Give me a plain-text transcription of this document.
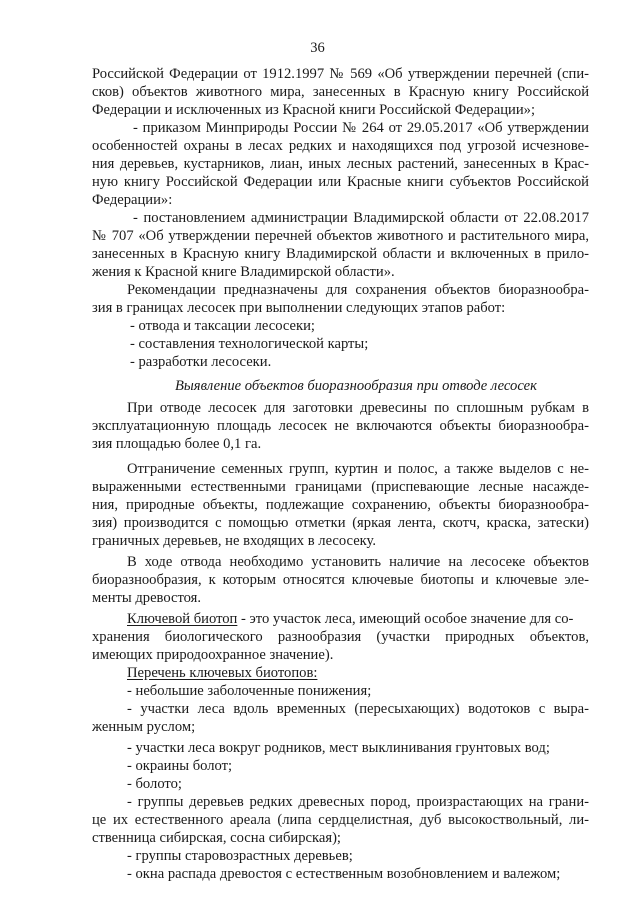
36
Российской Федерации от 1912.1997 № 569 «Об утверждении перечней (спи-
сков) объектов животного мира, занесенных в Красную книгу Российской
Федерации и исключенных из Красной книги Российской Федерации»;
- приказом Минприроды России № 264 от 29.05.2017 «Об утверждении
особенностей охраны в лесах редких и находящихся под угрозой исчезнове-
ния деревьев, кустарников, лиан, иных лесных растений, занесенных в Крас-
ную книгу Российской Федерации или Красные книги субъектов Российской
Федерации»:
- постановлением администрации Владимирской области от 22.08.2017
№ 707 «Об утверждении перечней объектов животного и растительного мира,
занесенных в Красную книгу Владимирской области и включенных в прило-
жения к Красной книге Владимирской области».
Рекомендации предназначены для сохранения объектов биоразнообра-
зия в границах лесосек при выполнении следующих этапов работ:
- отвода и таксации лесосеки;
- составления технологической карты;
- разработки лесосеки.
Выявление объектов биоразнообразия при отводе лесосек
При отводе лесосек для заготовки древесины по сплошным рубкам в
эксплуатационную площадь лесосек не включаются объекты биоразнообра-
зия площадью более 0,1 га.
Отграничение семенных групп, куртин и полос, а также выделов с не-
выраженными естественными границами (приспевающие лесные насажде-
ния, природные объекты, подлежащие сохранению, объекты биоразнообра-
зия) производится с помощью отметки (яркая лента, скотч, краска, затески)
граничных деревьев, не входящих в лесосеку.
В ходе отвода необходимо установить наличие на лесосеке объектов
биоразнообразия, к которым относятся ключевые биотопы и ключевые эле-
менты древостоя.
Ключевой биотоп - это участок леса, имеющий особое значение для со-
хранения биологического разнообразия (участки природных объектов,
имеющих природоохранное значение).
Перечень ключевых биотопов:
- небольшие заболоченные понижения;
- участки леса вдоль временных (пересыхающих) водотоков с выра-
женным руслом;
- участки леса вокруг родников, мест выклинивания грунтовых вод;
- окраины болот;
- болото;
- группы деревьев редких древесных пород, произрастающих на грани-
це их естественного ареала (липа сердцелистная, дуб высокоствольный, ли-
ственница сибирская, сосна сибирская);
- группы старовозрастных деревьев;
- окна распада древостоя с естественным возобновлением и валежом;
